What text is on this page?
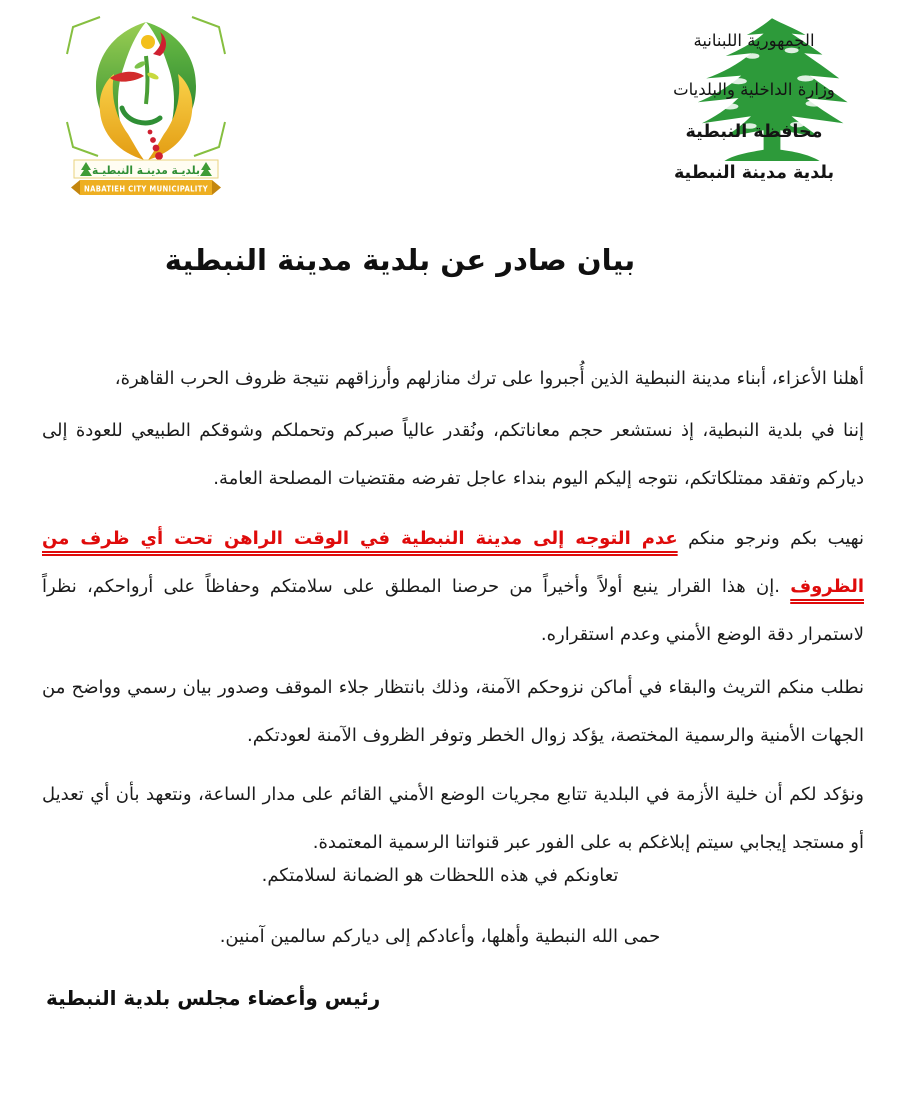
بلديـة مدينـة النبطيـة
NABATIEH CITY MUNICIPALITY
الجمهورية اللبنانية
وزارة الداخلية والبلديات
محافظة النبطية
بلدية مدينة النبطية
بيان صادر عن بلدية مدينة النبطية

أهلنا الأعزاء، أبناء مدينة النبطية الذين أُجبروا على ترك منازلهم وأرزاقهم نتيجة ظروف الحرب القاهرة،

إننا في بلدية النبطية، إذ نستشعر حجم معاناتكم، ونُقدر عالياً صبركم وتحملكم وشوقكم الطبيعي للعودة إلى دياركم وتفقد ممتلكاتكم، نتوجه إليكم اليوم بنداء عاجل تفرضه مقتضيات المصلحة العامة.

نهيب بكم ونرجو منكم عدم التوجه إلى مدينة النبطية في الوقت الراهن تحت أي ظرف من الظروف .إن هذا القرار ينبع أولاً وأخيراً من حرصنا المطلق على سلامتكم وحفاظاً على أرواحكم، نظراً لاستمرار دقة الوضع الأمني وعدم استقراره.

نطلب منكم التريث والبقاء في أماكن نزوحكم الآمنة، وذلك بانتظار جلاء الموقف وصدور بيان رسمي وواضح من الجهات الأمنية والرسمية المختصة، يؤكد زوال الخطر وتوفر الظروف الآمنة لعودتكم.

ونؤكد لكم أن خلية الأزمة في البلدية تتابع مجريات الوضع الأمني القائم على مدار الساعة، ونتعهد بأن أي تعديل أو مستجد إيجابي سيتم إبلاغكم به على الفور عبر قنواتنا الرسمية المعتمدة.

تعاونكم في هذه اللحظات هو الضمانة لسلامتكم.
حمى الله النبطية وأهلها، وأعادكم إلى دياركم سالمين آمنين.
رئيس وأعضاء مجلس بلدية النبطية
